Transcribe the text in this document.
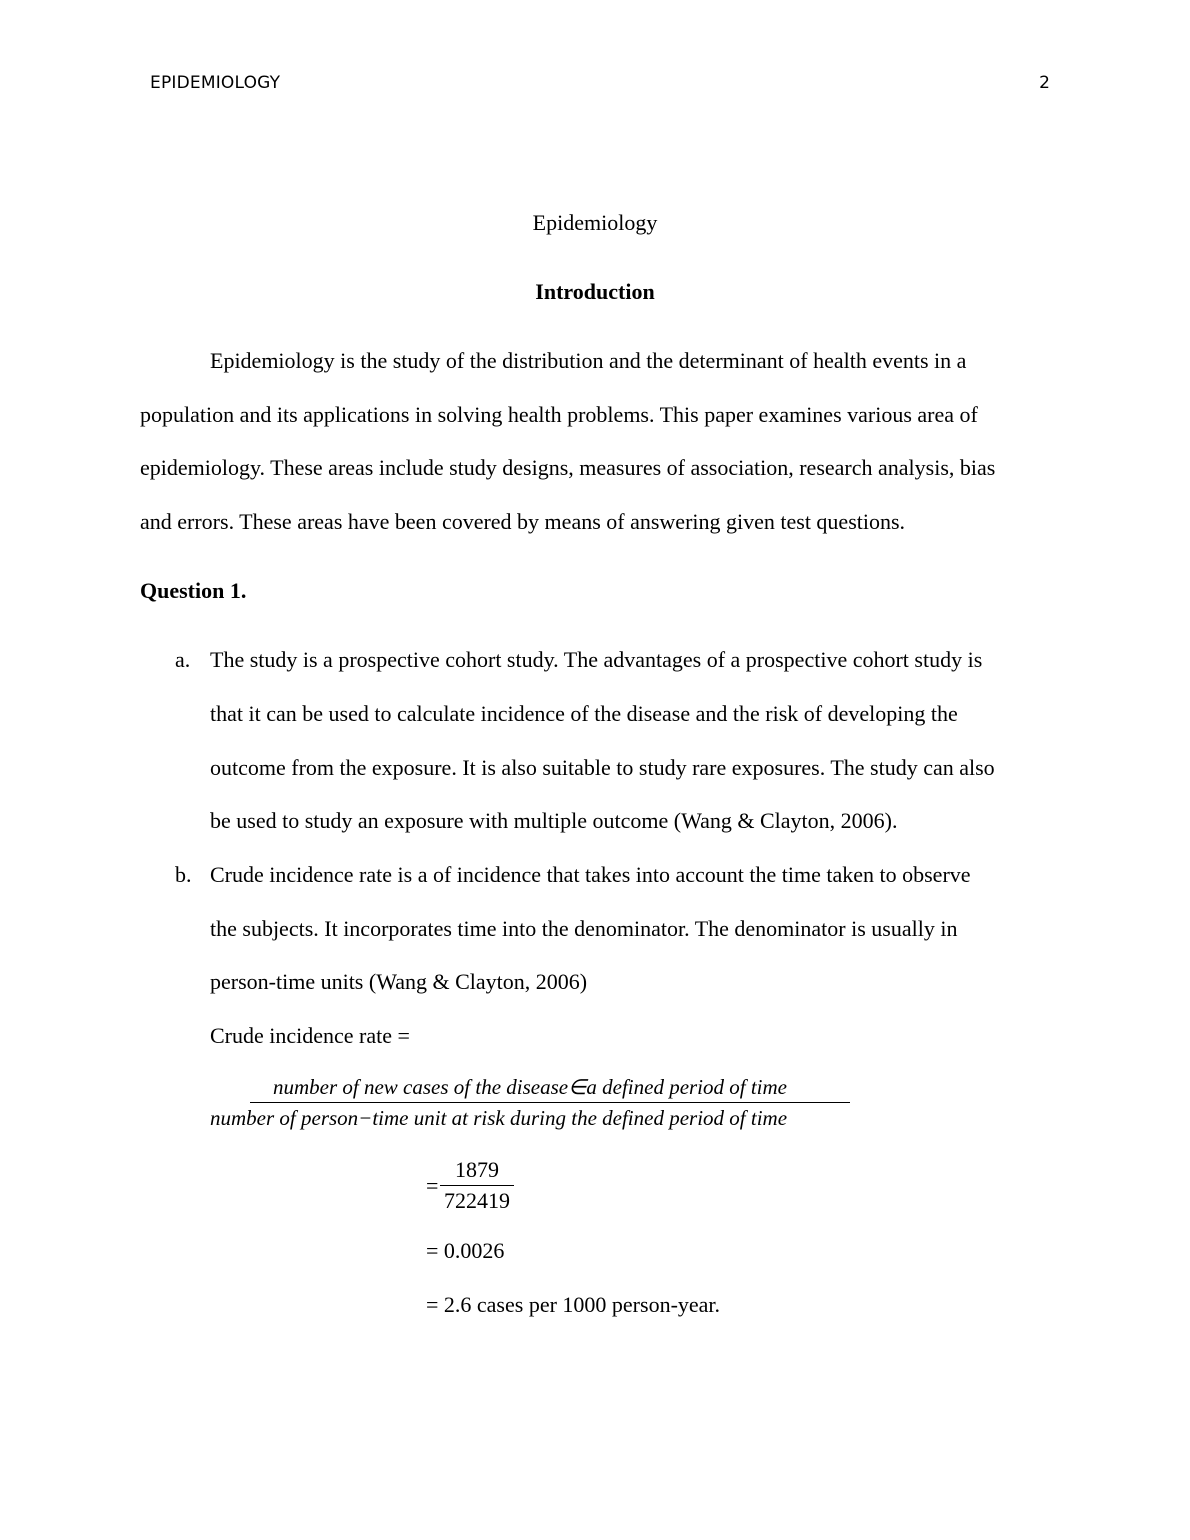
EPIDEMIOLOGY	2
Epidemiology
Introduction
Epidemiology is the study of the distribution and the determinant of health events in a
population and its applications in solving health problems. This paper examines various area of
epidemiology. These areas include study designs, measures of association, research analysis, bias
and errors. These areas have been covered by means of answering given test questions.
Question 1.
a. The study is a prospective cohort study. The advantages of a prospective cohort study is
that it can be used to calculate incidence of the disease and the risk of developing the
outcome from the exposure. It is also suitable to study rare exposures. The study can also
be used to study an exposure with multiple outcome (Wang & Clayton, 2006).
b. Crude incidence rate is a of incidence that takes into account the time taken to observe
the subjects. It incorporates time into the denominator. The denominator is usually in
person-time units (Wang & Clayton, 2006)
Crude incidence rate =
number of new cases of the disease∈a defined period of time
number of person−time unit at risk during the defined period of time
= $\frac{1879}{722419}$
= 0.0026
= 2.6 cases per 1000 person-year.
